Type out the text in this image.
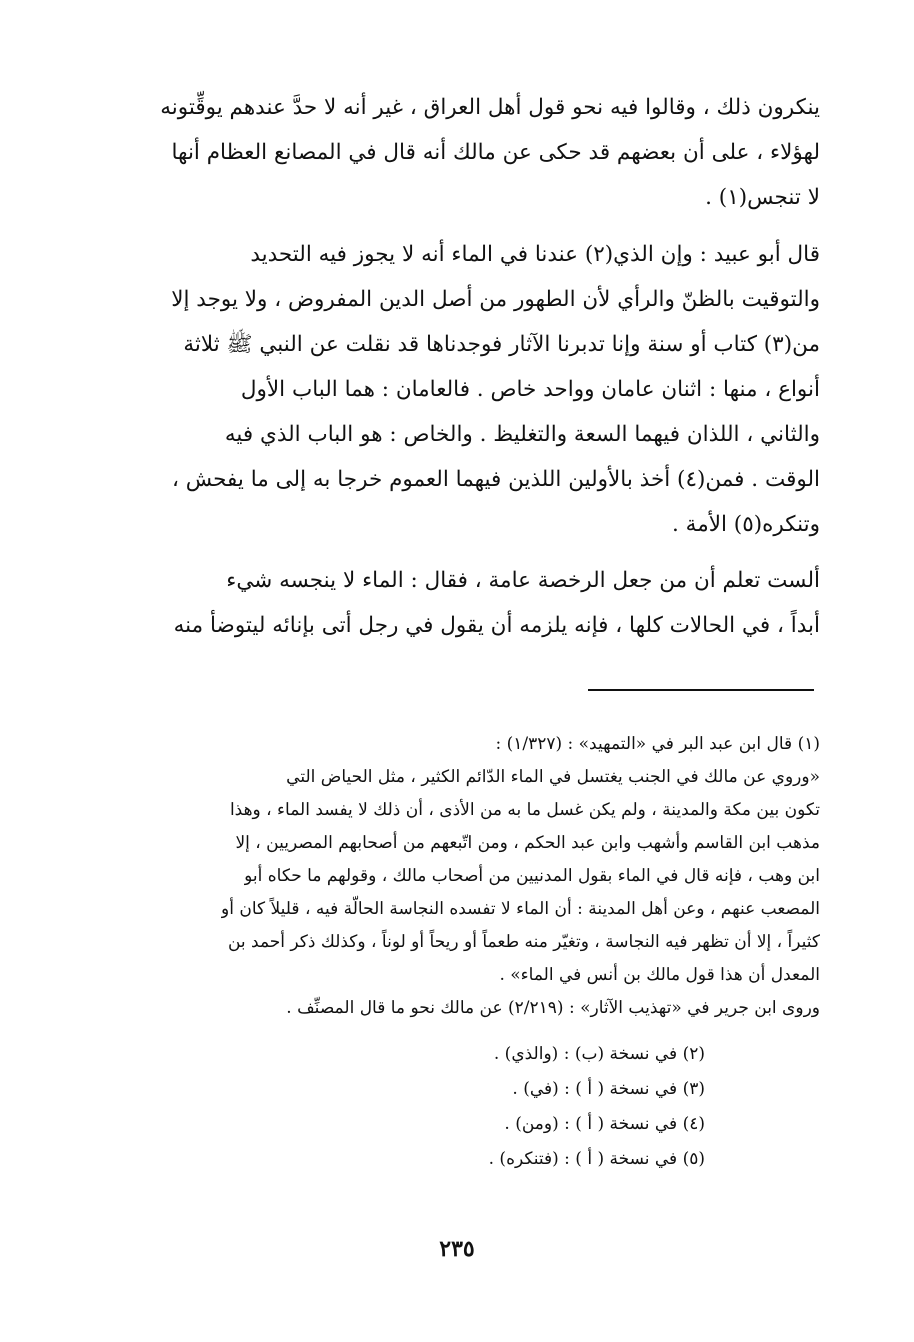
ينكرون ذلك ، وقالوا فيه نحو قول أهل العراق ، غير أنه لا حدَّ عندهم يوقِّتونه
لهؤلاء ، على أن بعضهم قد حكى عن مالك أنه قال في المصانع العظام أنها
لا تنجس(١) .
قال أبو عبيد : وإن الذي(٢) عندنا في الماء أنه لا يجوز فيه التحديد
والتوقيت بالظنّ والرأي لأن الطهور من أصل الدين المفروض ، ولا يوجد إلا
من(٣) كتاب أو سنة وإنا تدبرنا الآثار فوجدناها قد نقلت عن النبي ﷺ ثلاثة
أنواع ، منها : اثنان عامان وواحد خاص . فالعامان : هما الباب الأول
والثاني ، اللذان فيهما السعة والتغليظ . والخاص : هو الباب الذي فيه
الوقت . فمن(٤) أخذ بالأولين اللذين فيهما العموم خرجا به إلى ما يفحش ،
وتنكره(٥) الأمة .
ألست تعلم أن من جعل الرخصة عامة ، فقال : الماء لا ينجسه شيء
أبداً ، في الحالات كلها ، فإنه يلزمه أن يقول في رجل أتى بإنائه ليتوضأ منه
(١) قال ابن عبد البر في «التمهيد» : (١/٣٢٧) :
«وروي عن مالك في الجنب يغتسل في الماء الدّائم الكثير ، مثل الحياض التي
تكون بين مكة والمدينة ، ولم يكن غسل ما به من الأذى ، أن ذلك لا يفسد الماء ، وهذا
مذهب ابن القاسم وأشهب وابن عبد الحكم ، ومن اتّبعهم من أصحابهم المصريين ، إلا
ابن وهب ، فإنه قال في الماء بقول المدنيين من أصحاب مالك ، وقولهم ما حكاه أبو
المصعب عنهم ، وعن أهل المدينة : أن الماء لا تفسده النجاسة الحالّة فيه ، قليلاً كان أو
كثيراً ، إلا أن تظهر فيه النجاسة ، وتغيّر منه طعماً أو ريحاً أو لوناً ، وكذلك ذكر أحمد بن
المعدل أن هذا قول مالك بن أنس في الماء» .
وروى ابن جرير في «تهذيب الآثار» : (٢/٢١٩) عن مالك نحو ما قال المصنِّف .
(٢) في نسخة (ب) : (والذي) .
(٣) في نسخة ( أ ) : (في) .
(٤) في نسخة ( أ ) : (ومن) .
(٥) في نسخة ( أ ) : (فتنكره) .
٢٣٥
